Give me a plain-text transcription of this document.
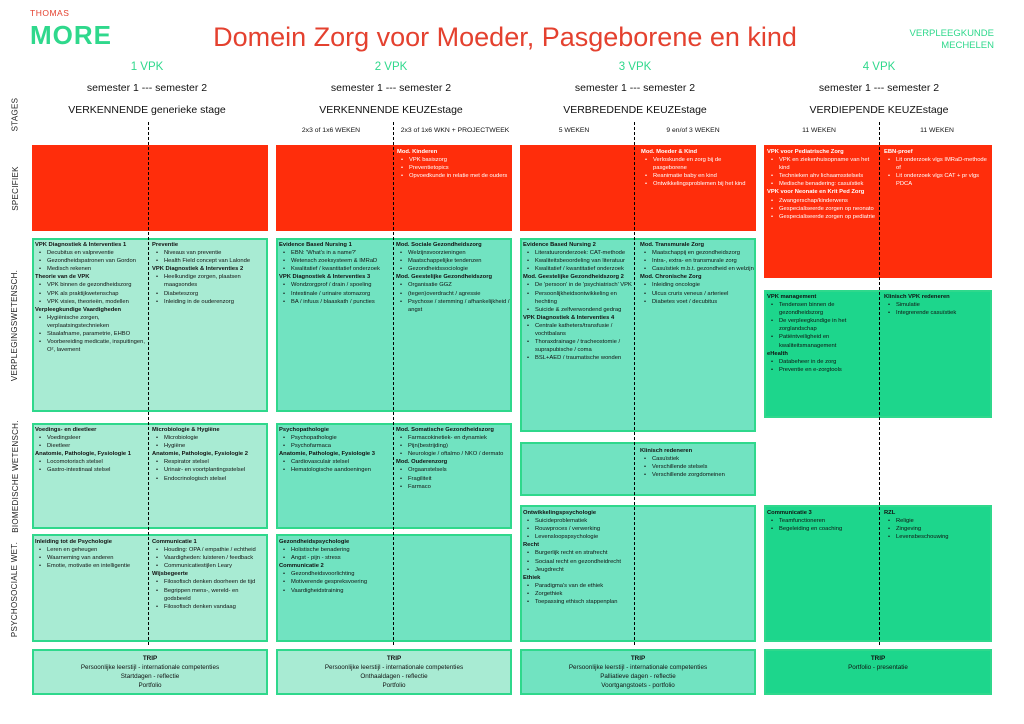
THOMAS
MORE	Domein Zorg voor Moeder, Pasgeborene en kind	VERPLEEGKUNDE
MECHELEN
1 VPK	2 VPK	3 VPK	4 VPK
semester 1 --- semester 2	semester 1 --- semester 2	semester 1 --- semester 2	semester 1 --- semester 2
VERKENNENDE generieke stage	VERKENNENDE KEUZEstage	VERBREDENDE KEUZEstage	VERDIEPENDE KEUZEstage
2x3 of 1x6 WEKEN	2x3 of 1x6 WKN + PROJECTWEEK	5 WEKEN	9 en/of 3 WEKEN	11 WEKEN	11 WEKEN
STAGES
SPECIFIEK
VERPLEGINGSWETENSCH.
BIOMEDISCHE WETENSCH.
PSYCHOSOCIALE WET.
Mod. Kinderen
• VPK basiszorg
• Preventietopics
• Opvoedkunde in relatie met de ouders
Mod. Moeder & Kind
• Verloskunde en zorg bij de pasgeborene
• Reanimatie baby en kind
• Ontwikkelingsproblemen bij het kind
VPK voor Pediatrische Zorg
• VPK en ziekenhuisopname van het kind
• Technieken ahv lichaamsstelsels
• Medische benadering: casuïstiek
VPK voor Neonate en Krit Ped Zorg
• Zwangerschap/kinderwens
• Gespecialiseerde zorgen op neonato
• Gespecialiseerde zorgen op pediatrie
EBN-proef
• Lit onderzoek vlgs IMRaD-methode of
• Lit onderzoek vlgs CAT + pr vlgs PDCA
VPK Diagnostiek & Interventies 1
• Decubitus en valpreventie
• Gezondheidspatronen van Gordon
• Medisch rekenen
Theorie van de VPK
• VPK binnen de gezondheidszorg
• VPK als praktijkwetenschap
• VPK visies, theorieën, modellen
Verpleegkundige Vaardigheden
• Hygiënische zorgen, verplaatsingstechnieken
• Staalafname, parametrie, EHBO
• Voorbereiding medicatie, inspuitingen, O², lavement
Preventie
• Niveaus van preventie
• Health Field concept van Lalonde
VPK Diagnostiek & Interventies 2
• Heelkundige zorgen, plaatsen maagsondes
• Diabeteszorg
• Inleiding in de ouderenzorg
Evidence Based Nursing 1
• EBN: 'What's in a name?'
• Wetensch zoeksysteem & IMRaD
• Kwalitatief / kwantitatief onderzoek
VPK Diagnostiek & Interventies 3
• Wondzorgprof / drain / spoeling
• Intestinale / urinaire stomazorg
• BA / infuus / blaaskath / puncties
Mod. Sociale Gezondheidszorg
• Welzijnsvoorzieningen
• Maatschappelijke tendenzen
• Gezondheidssociologie
Mod. Geestelijke Gezondheidszorg
• Organisatie GGZ
• (tegen)overdracht / agressie
• Psychose / stemming / afhankelijkheid / angst
Evidence Based Nursing 2
• Literatuuronderzoek: CAT-methode
• Kwaliteitsbeoordeling van literatuur
• Kwalitatief / kwantitatief onderzoek
Mod. Geestelijke Gezondheidszorg 2
• De 'persoon' in de 'psychiatrisch' VPK
• Persoonlijkheidsontwikkeling en hechting
• Suicide & zelfverwondend gedrag
VPK Diagnostiek & Interventies 4
• Centrale katheters/transfusie / vochtbalans
• Thoraxdrainage / tracheostomie / suprapubische / coma
• BSL+AED / traumatische wonden
Mod. Transmurale Zorg
• Maatschappij en gezondheidszorg
• Intra-, extra- en transmurale zorg
• Casuïstiek m.b.t. gezondheid en welzijn
Mod. Chronische Zorg
• Inleiding oncologie
• Ulcus cruris veneus / arterieel
• Diabetes voet / decubitus
VPK management
• Tendensen binnen de gezondheidszorg
• De verpleegkundige in het zorglandschap
• Patiëntveiligheid en kwaliteitsmanagement
eHealth
• Databeheer in de zorg
• Preventie en e-zorgtools
Klinisch VPK redeneren
• Simulatie
• Integrerende casuïstiek
Voedings- en dieetleer
• Voedingsleer
• Dieetleer
Anatomie, Pathologie, Fysiologie 1
• Locomotorisch stelsel
• Gastro-intestinaal stelsel
Microbiologie & Hygiëne
• Microbiologie
• Hygiëne
Anatomie, Pathologie, Fysiologie 2
• Respirator stelsel
• Urinair- en voortplantingsstelsel
• Endocrinologisch stelsel
Psychopathologie
• Psychopathologie
• Psychofarmaca
Anatomie, Pathologie, Fysiologie 3
• Cardiovasculair stelsel
• Hematologische aandoeningen
Mod. Somatische Gezondheidszorg
• Farmacokinetiek- en dynamiek
• Pijn(bestrijding)
• Neurologie / oftalmo / NKO / dermato
Mod. Ouderenzorg
• Orgaanstelsels
• Fragiliteit
• Farmaco
Klinisch redeneren
• Casuïstiek
• Verschillende stelsels
• Verschillende zorgdomeinen
Inleiding tot de Psychologie
• Leren en geheugen
• Waarneming van anderen
• Emotie, motivatie en intelligentie
Communicatie 1
• Houding: OPA / empathie / echtheid
• Vaardigheden: luisteren / feedback
• Communicatiestijlen Leary
Wijsbegeerte
• Filosofisch denken doorheen de tijd
• Begrippen mens-, wereld- en godsbeeld
• Filosofisch denken vandaag
Gezondheidspsychologie
• Holistische benadering
• Angst - pijn - stress
Communicatie 2
• Gezondheidsvoorlichting
• Motiverende gespreksvoering
• Vaardigheidstraining
Ontwikkelingspsychologie
• Suicideproblematiek
• Rouwproces / verwerking
• Levensloopspsychologie
Recht
• Burgerlijk recht en strafrecht
• Sociaal recht en gezondheidrecht
• Jeugdrecht
Ethiek
• Paradigma's van de ethiek
• Zorgethiek
• Toepassing ethisch stappenplan
Communicatie 3
• Teamfunctioneren
• Begeleiding en coaching
RZL
• Religie
• Zingeving
• Levensbeschouwing
TRIP
Persoonlijke leerstijl - internationale competenties
Startdagen - reflectie
Portfolio
TRIP
Persoonlijke leerstijl - internationale competenties
Onthaaldagen - reflectie
Portfolio
TRIP
Persoonlijke leerstijl - internationale competenties
Palliatieve dagen - reflectie
Voortgangstoets - portfolio
TRIP
Portfolio - presentatie
